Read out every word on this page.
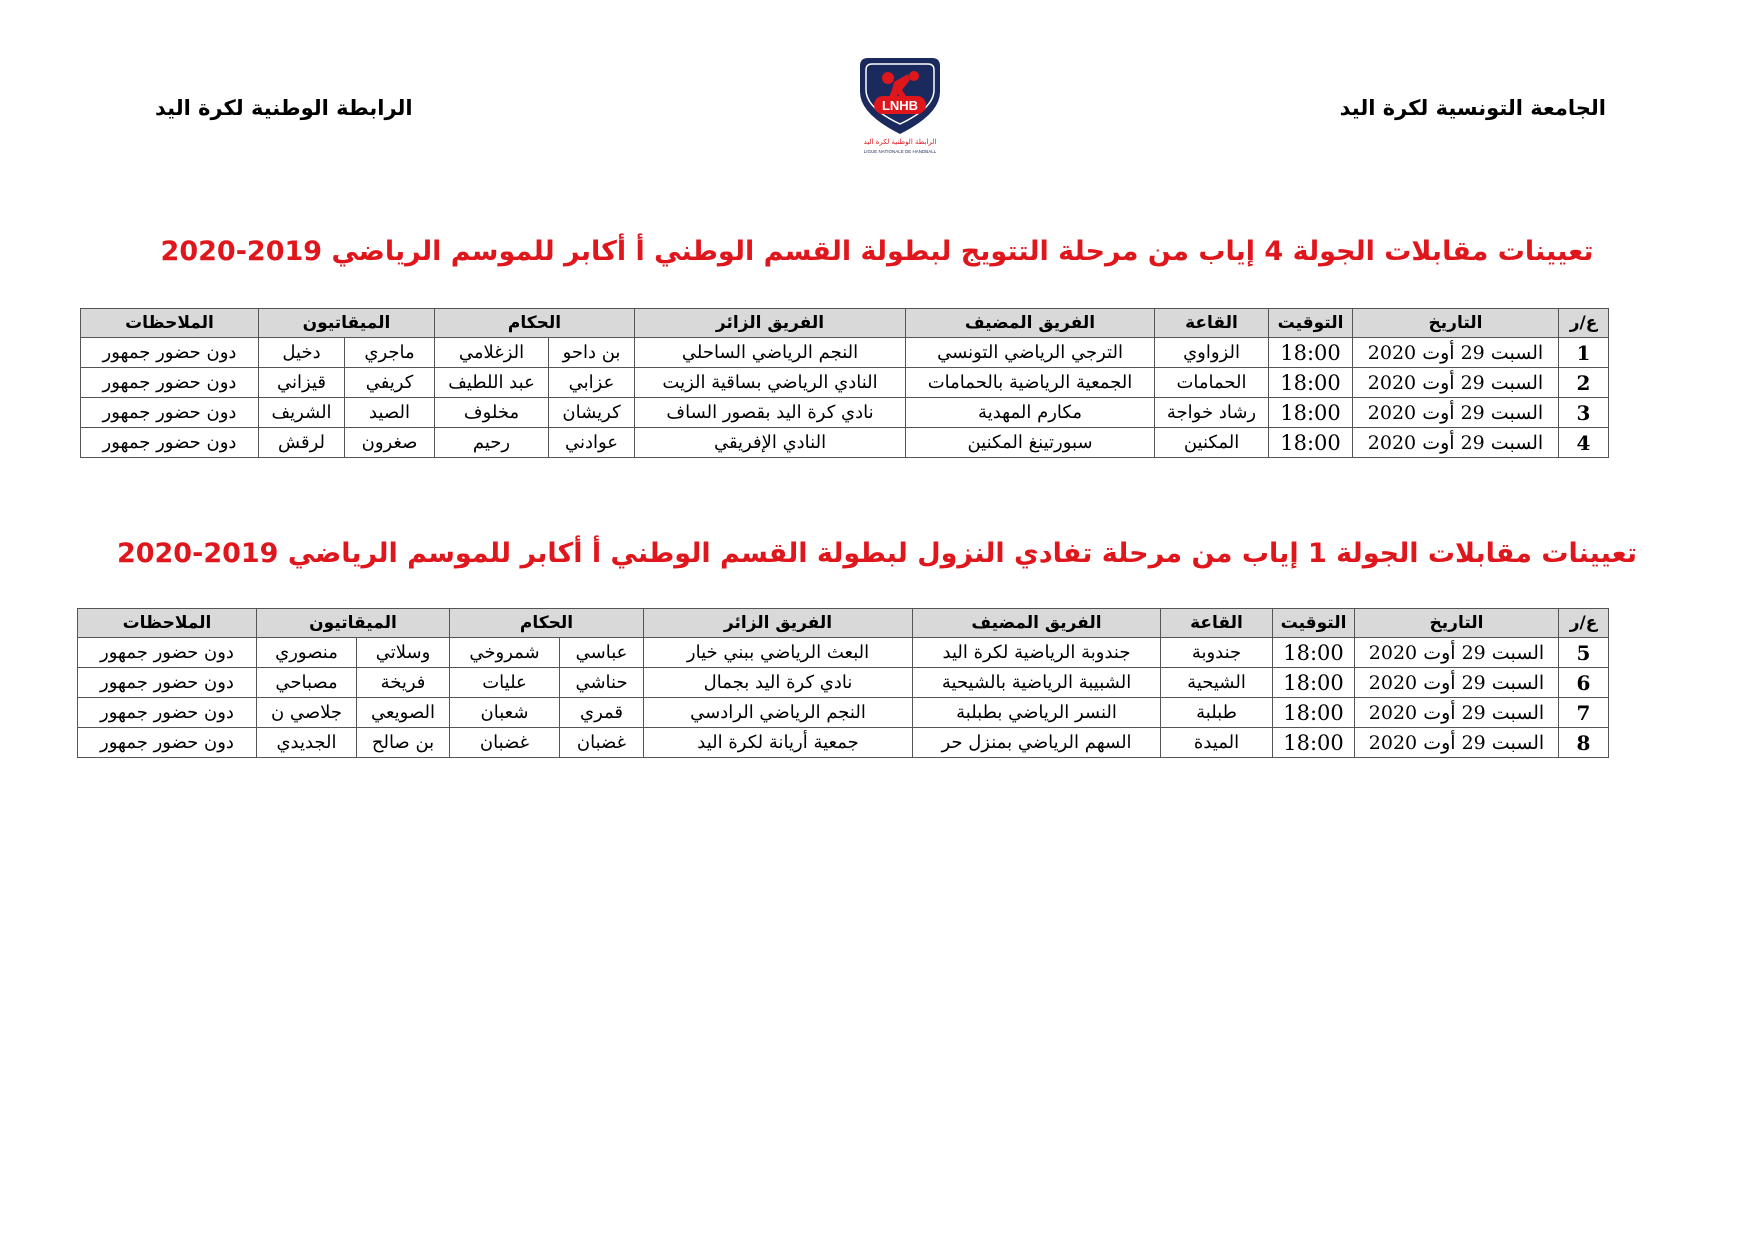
الجامعة التونسية لكرة اليد
الرابطة الوطنية لكرة اليد	LNHB
الرابطة الوطنية لكرة اليد
LIGUE NATIONALE DE HANDBALL
تعيينات مقابلات الجولة 4 إياب من مرحلة التتويج لبطولة القسم الوطني أ أكابر للموسم الرياضي 2019-2020
ع/ر	التاريخ	التوقيت	القاعة	الفريق المضيف	الفريق الزائر	الحكام		الميقاتيون		الملاحظات
1	السبت 29 أوت 2020	18:00	الزواوي	الترجي الرياضي التونسي	النجم الرياضي الساحلي	بن داحو	الزغلامي	ماجري	دخيل	دون حضور جمهور
2	السبت 29 أوت 2020	18:00	الحمامات	الجمعية الرياضية بالحمامات	النادي الرياضي بساقية الزيت	عزابي	عبد اللطيف	كريفي	قيزاني	دون حضور جمهور
3	السبت 29 أوت 2020	18:00	رشاد خواجة	مكارم المهدية	نادي كرة اليد بقصور الساف	كريشان	مخلوف	الصيد	الشريف	دون حضور جمهور
4	السبت 29 أوت 2020	18:00	المكنين	سبورتينغ المكنين	النادي الإفريقي	عوادني	رحيم	صغرون	لرقش	دون حضور جمهور
تعيينات مقابلات الجولة 1 إياب من مرحلة تفادي النزول لبطولة القسم الوطني أ أكابر للموسم الرياضي 2019-2020
ع/ر	التاريخ	التوقيت	القاعة	الفريق المضيف	الفريق الزائر	الحكام		الميقاتيون		الملاحظات
5	السبت 29 أوت 2020	18:00	جندوبة	جندوبة الرياضية لكرة اليد	البعث الرياضي ببني خيار	عباسي	شمروخي	وسلاتي	منصوري	دون حضور جمهور
6	السبت 29 أوت 2020	18:00	الشيحية	الشبيبة الرياضية بالشيحية	نادي كرة اليد بجمال	حناشي	عليات	فريخة	مصباحي	دون حضور جمهور
7	السبت 29 أوت 2020	18:00	طبلبة	النسر الرياضي بطبلبة	النجم الرياضي الرادسي	قمري	شعبان	الصويعي	جلاصي ن	دون حضور جمهور
8	السبت 29 أوت 2020	18:00	الميدة	السهم الرياضي بمنزل حر	جمعية أريانة لكرة اليد	غضبان	غضبان	بن صالح	الجديدي	دون حضور جمهور
